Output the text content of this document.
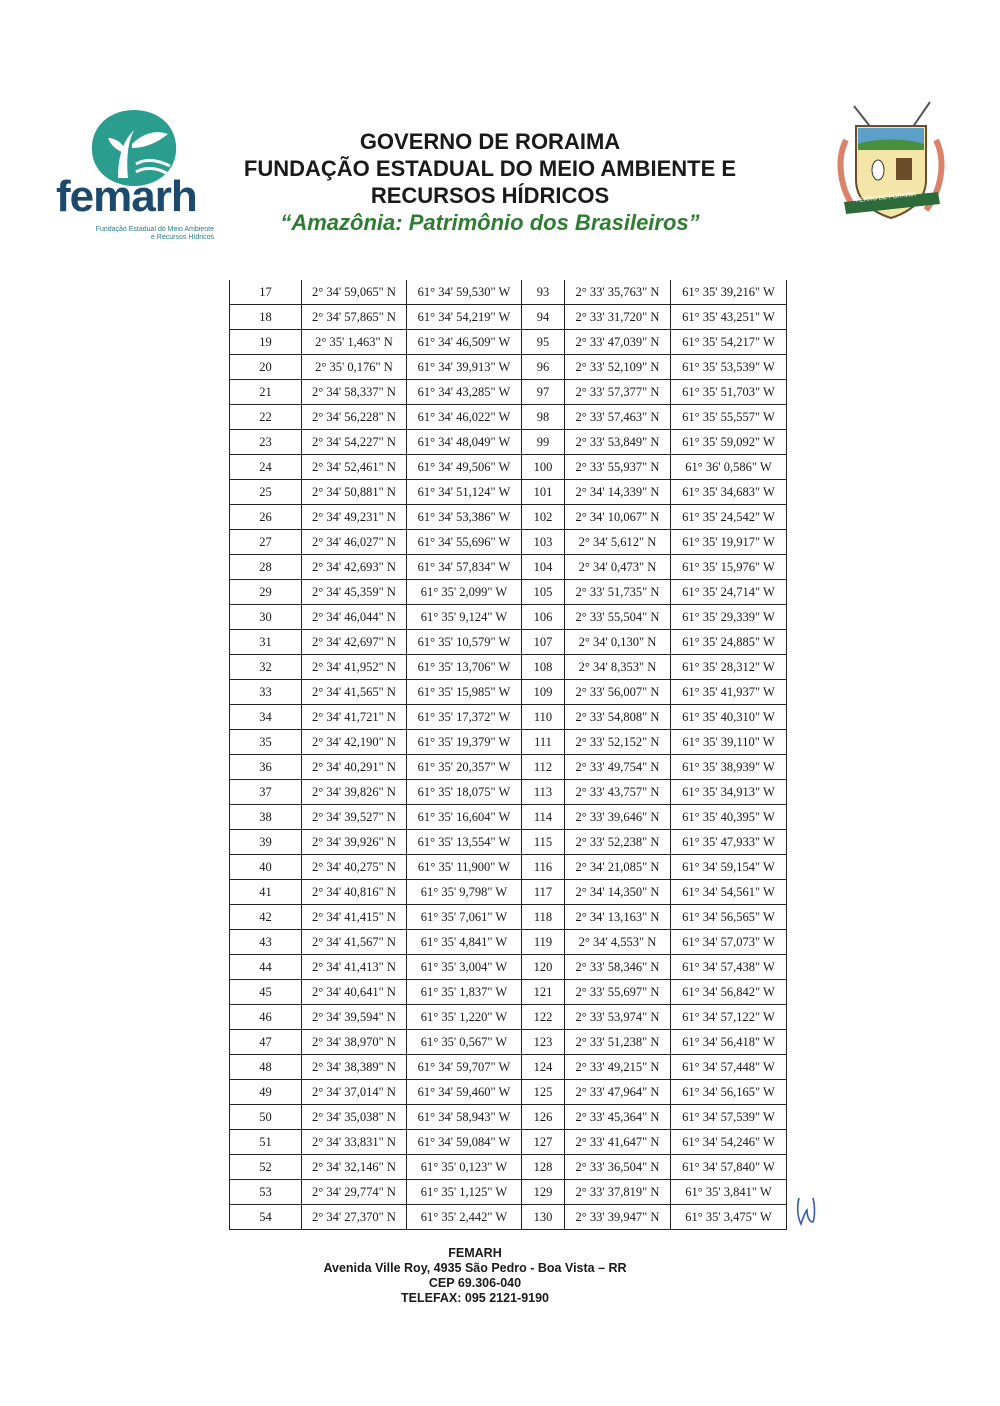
femarh
Fundação Estadual do Meio Ambiente
e Recursos Hídricos
GOVERNO DE RORAIMA
FUNDAÇÃO ESTADUAL DO MEIO AMBIENTE E
RECURSOS HÍDRICOS
“Amazônia: Patrimônio dos Brasileiros”
FERRO DE PORAIMA
17	2° 34' 59,065" N	61° 34' 59,530" W	93	2° 33' 35,763" N	61° 35' 39,216" W
18	2° 34' 57,865" N	61° 34' 54,219" W	94	2° 33' 31,720" N	61° 35' 43,251" W
19	2° 35' 1,463" N	61° 34' 46,509" W	95	2° 33' 47,039" N	61° 35' 54,217" W
20	2° 35' 0,176" N	61° 34' 39,913" W	96	2° 33' 52,109" N	61° 35' 53,539" W
21	2° 34' 58,337" N	61° 34' 43,285" W	97	2° 33' 57,377" N	61° 35' 51,703" W
22	2° 34' 56,228" N	61° 34' 46,022" W	98	2° 33' 57,463" N	61° 35' 55,557" W
23	2° 34' 54,227" N	61° 34' 48,049" W	99	2° 33' 53,849" N	61° 35' 59,092" W
24	2° 34' 52,461" N	61° 34' 49,506" W	100	2° 33' 55,937" N	61° 36' 0,586" W
25	2° 34' 50,881" N	61° 34' 51,124" W	101	2° 34' 14,339" N	61° 35' 34,683" W
26	2° 34' 49,231" N	61° 34' 53,386" W	102	2° 34' 10,067" N	61° 35' 24,542" W
27	2° 34' 46,027" N	61° 34' 55,696" W	103	2° 34' 5,612" N	61° 35' 19,917" W
28	2° 34' 42,693" N	61° 34' 57,834" W	104	2° 34' 0,473" N	61° 35' 15,976" W
29	2° 34' 45,359" N	61° 35' 2,099" W	105	2° 33' 51,735" N	61° 35' 24,714" W
30	2° 34' 46,044" N	61° 35' 9,124" W	106	2° 33' 55,504" N	61° 35' 29,339" W
31	2° 34' 42,697" N	61° 35' 10,579" W	107	2° 34' 0,130" N	61° 35' 24,885" W
32	2° 34' 41,952" N	61° 35' 13,706" W	108	2° 34' 8,353" N	61° 35' 28,312" W
33	2° 34' 41,565" N	61° 35' 15,985" W	109	2° 33' 56,007" N	61° 35' 41,937" W
34	2° 34' 41,721" N	61° 35' 17,372" W	110	2° 33' 54,808" N	61° 35' 40,310" W
35	2° 34' 42,190" N	61° 35' 19,379" W	111	2° 33' 52,152" N	61° 35' 39,110" W
36	2° 34' 40,291" N	61° 35' 20,357" W	112	2° 33' 49,754" N	61° 35' 38,939" W
37	2° 34' 39,826" N	61° 35' 18,075" W	113	2° 33' 43,757" N	61° 35' 34,913" W
38	2° 34' 39,527" N	61° 35' 16,604" W	114	2° 33' 39,646" N	61° 35' 40,395" W
39	2° 34' 39,926" N	61° 35' 13,554" W	115	2° 33' 52,238" N	61° 35' 47,933" W
40	2° 34' 40,275" N	61° 35' 11,900" W	116	2° 34' 21,085" N	61° 34' 59,154" W
41	2° 34' 40,816" N	61° 35' 9,798" W	117	2° 34' 14,350" N	61° 34' 54,561" W
42	2° 34' 41,415" N	61° 35' 7,061" W	118	2° 34' 13,163" N	61° 34' 56,565" W
43	2° 34' 41,567" N	61° 35' 4,841" W	119	2° 34' 4,553" N	61° 34' 57,073" W
44	2° 34' 41,413" N	61° 35' 3,004" W	120	2° 33' 58,346" N	61° 34' 57,438" W
45	2° 34' 40,641" N	61° 35' 1,837" W	121	2° 33' 55,697" N	61° 34' 56,842" W
46	2° 34' 39,594" N	61° 35' 1,220" W	122	2° 33' 53,974" N	61° 34' 57,122" W
47	2° 34' 38,970" N	61° 35' 0,567" W	123	2° 33' 51,238" N	61° 34' 56,418" W
48	2° 34' 38,389" N	61° 34' 59,707" W	124	2° 33' 49,215" N	61° 34' 57,448" W
49	2° 34' 37,014" N	61° 34' 59,460" W	125	2° 33' 47,964" N	61° 34' 56,165" W
50	2° 34' 35,038" N	61° 34' 58,943" W	126	2° 33' 45,364" N	61° 34' 57,539" W
51	2° 34' 33,831" N	61° 34' 59,084" W	127	2° 33' 41,647" N	61° 34' 54,246" W
52	2° 34' 32,146" N	61° 35' 0,123" W	128	2° 33' 36,504" N	61° 34' 57,840" W
53	2° 34' 29,774" N	61° 35' 1,125" W	129	2° 33' 37,819" N	61° 35' 3,841" W
54	2° 34' 27,370" N	61° 35' 2,442" W	130	2° 33' 39,947" N	61° 35' 3,475" W
FEMARH
Avenida Ville Roy, 4935 São Pedro - Boa Vista – RR
CEP 69.306-040
TELEFAX: 095 2121-9190
